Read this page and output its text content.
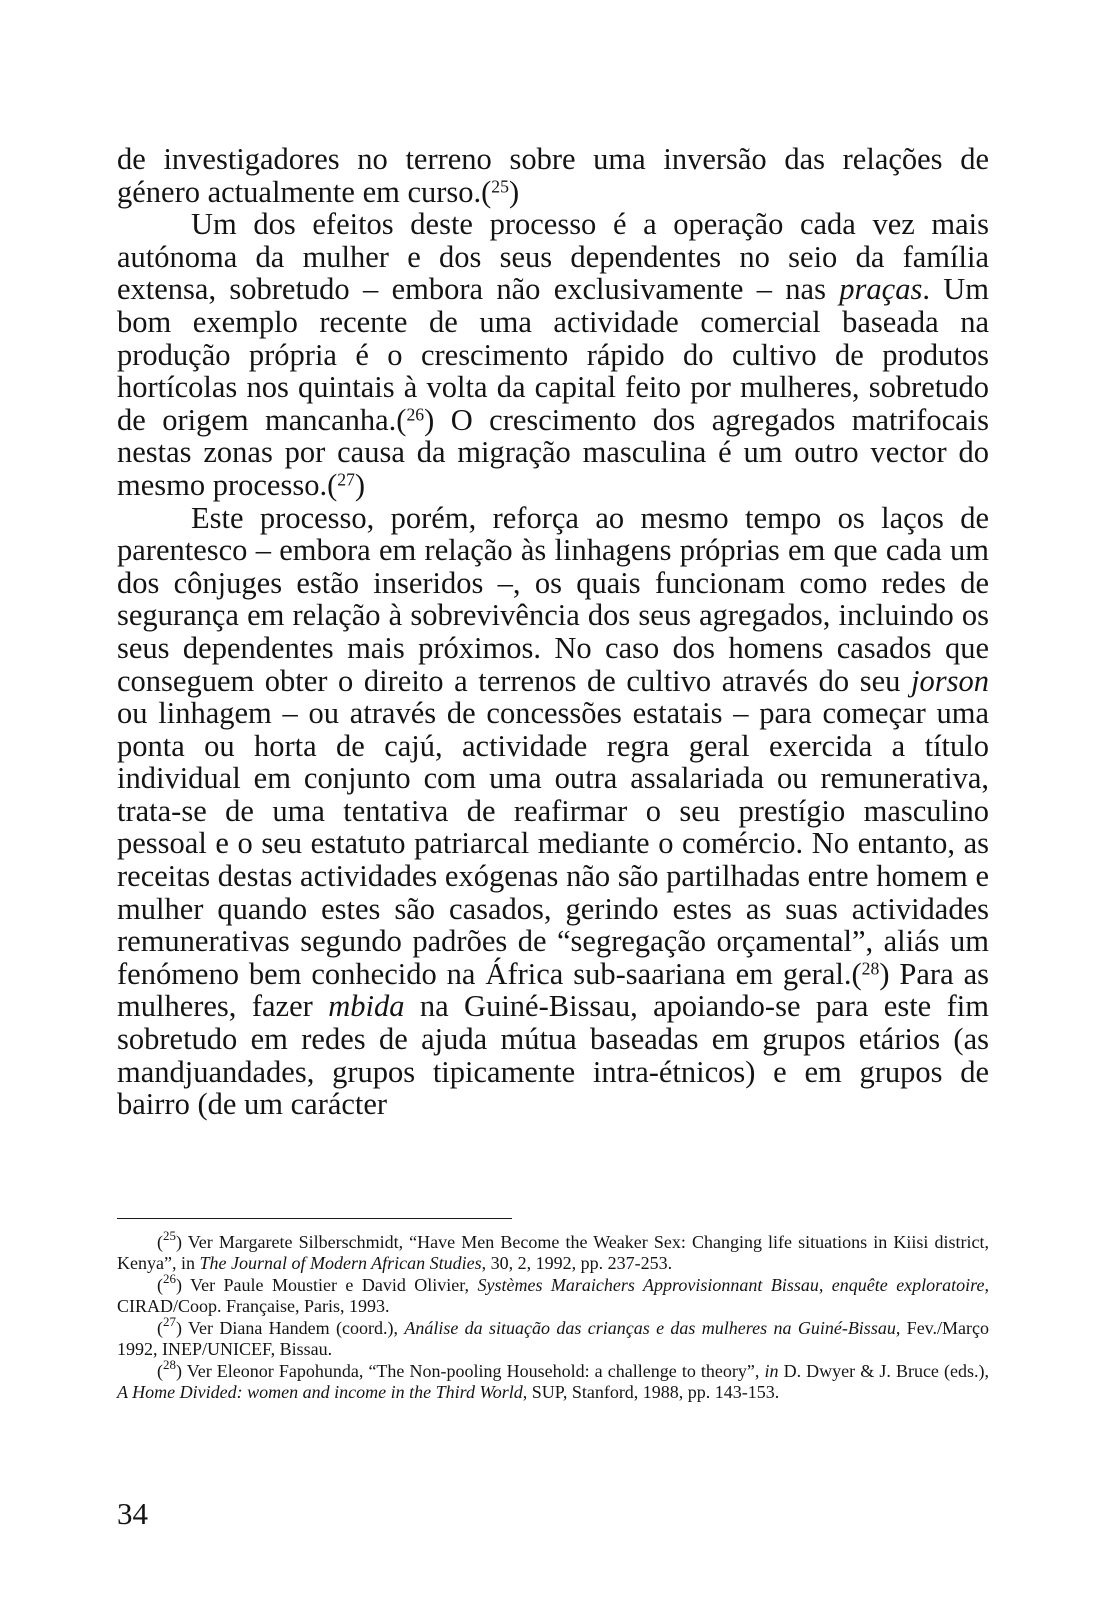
de investigadores no terreno sobre uma inversão das relações de género actualmente em curso.($^{25}$)

Um dos efeitos deste processo é a operação cada vez mais autónoma da mulher e dos seus dependentes no seio da família extensa, sobretudo – embora não exclusivamente – nas praças. Um bom exemplo recente de uma actividade comercial baseada na produção própria é o crescimento rápido do cultivo de produtos hortícolas nos quintais à volta da capital feito por mulheres, sobretudo de origem mancanha.($^{26}$) O crescimento dos agregados matrifocais nestas zonas por causa da migração masculina é um outro vector do mesmo processo.($^{27}$)

Este processo, porém, reforça ao mesmo tempo os laços de parentesco – embora em relação às linhagens próprias em que cada um dos cônjuges estão inseridos –, os quais funcionam como redes de segurança em relação à sobrevivência dos seus agregados, incluindo os seus dependentes mais próximos. No caso dos homens casados que conseguem obter o direito a terrenos de cultivo através do seu jorson ou linhagem – ou através de concessões estatais – para começar uma ponta ou horta de cajú, actividade regra geral exercida a título individual em conjunto com uma outra assalariada ou remunerativa, trata-se de uma tentativa de reafirmar o seu prestígio masculino pessoal e o seu estatuto patriarcal mediante o comércio. No entanto, as receitas destas actividades exógenas não são partilhadas entre homem e mulher quando estes são casados, gerindo estes as suas actividades remunerativas segundo padrões de “segregação orçamental”, aliás um fenómeno bem conhecido na África sub-saariana em geral.($^{28}$) Para as mulheres, fazer mbida na Guiné-Bissau, apoiando-se para este fim sobretudo em redes de ajuda mútua baseadas em grupos etários (as mandjuandades, grupos tipicamente intra-étnicos) e em grupos de bairro (de um carácter

($^{25}$) Ver Margarete Silberschmidt, “Have Men Become the Weaker Sex: Changing life situations in Kiisi district, Kenya”, in The Journal of Modern African Studies, 30, 2, 1992, pp. 237-253.

($^{26}$) Ver Paule Moustier e David Olivier, Systèmes Maraichers Approvisionnant Bissau, enquête exploratoire, CIRAD/Coop. Française, Paris, 1993.

($^{27}$) Ver Diana Handem (coord.), Análise da situação das crianças e das mulheres na Guiné-Bissau, Fev./Março 1992, INEP/UNICEF, Bissau.

($^{28}$) Ver Eleonor Fapohunda, “The Non-pooling Household: a challenge to theory”, in D. Dwyer & J. Bruce (eds.), A Home Divided: women and income in the Third World, SUP, Stanford, 1988, pp. 143-153.

34
